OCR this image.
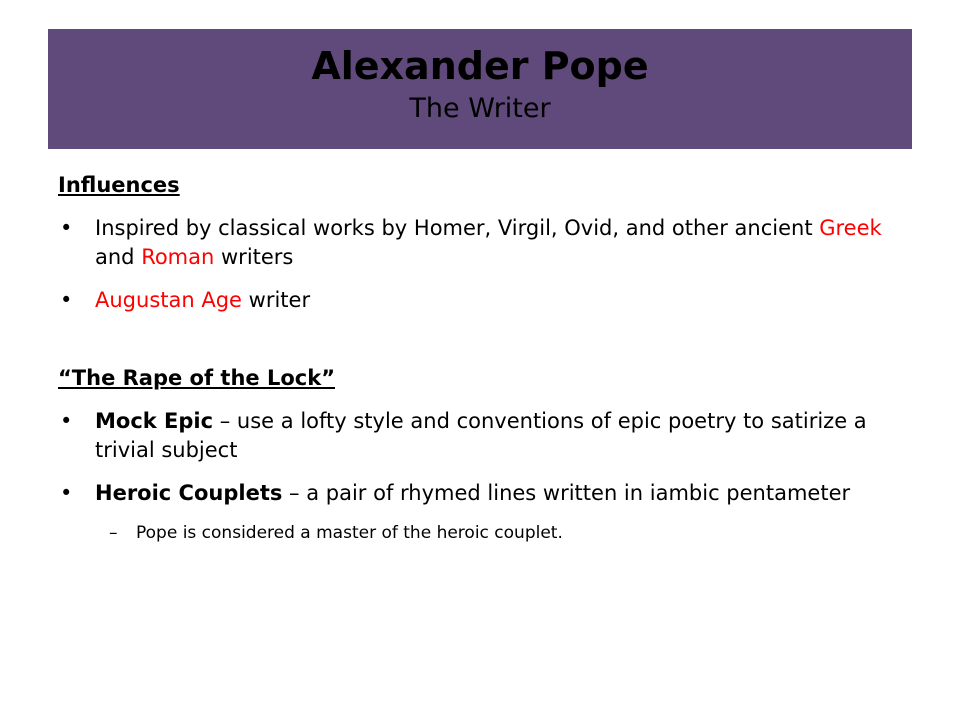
Alexander Pope
The Writer
Influences
• Inspired by classical works by Homer, Virgil, Ovid, and other ancient Greek and Roman writers
• Augustan Age writer
“The Rape of the Lock”
• Mock Epic – use a lofty style and conventions of epic poetry to satirize a trivial subject
• Heroic Couplets – a pair of rhymed lines written in iambic pentameter
– Pope is considered a master of the heroic couplet.
